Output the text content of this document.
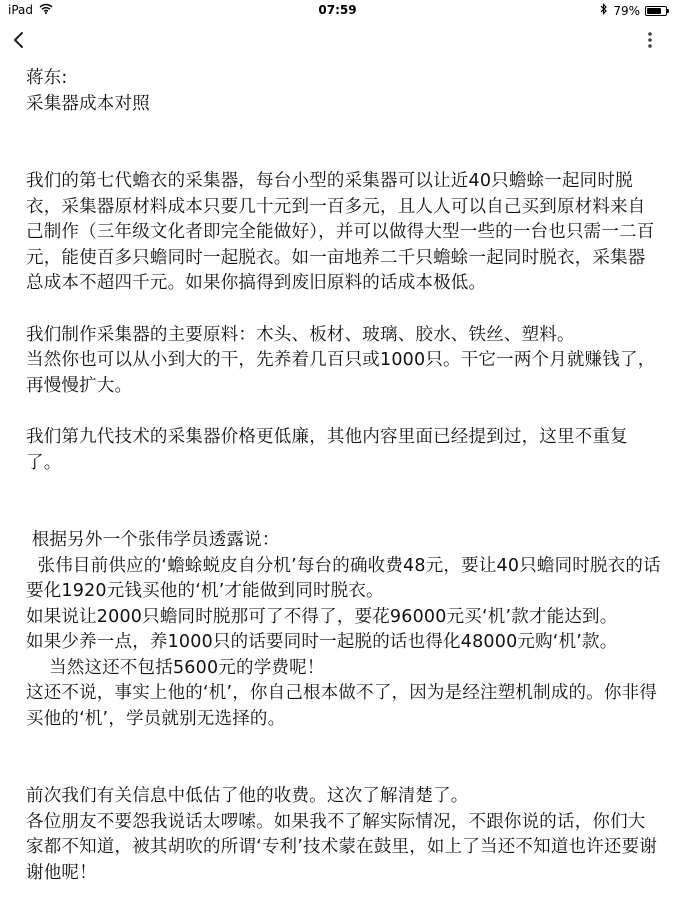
iPad	07:59	79%

蒋东:

采集器成本对照

我们的第七代蟾衣的采集器，每台小型的采集器可以让近40只蟾蜍一起同时脱衣，采集器原材料成本只要几十元到一百多元，且人人可以自己买到原材料来自己制作（三年级文化者即完全能做好），并可以做得大型一些的一台也只需一二百元，能使百多只蟾同时一起脱衣。如一亩地养二千只蟾蜍一起同时脱衣，采集器总成本不超四千元。如果你搞得到废旧原料的话成本极低。

我们制作采集器的主要原料：木头、板材、玻璃、胶水、铁丝、塑料。

当然你也可以从小到大的干，先养着几百只或1000只。干它一两个月就赚钱了，再慢慢扩大。

我们第九代技术的采集器价格更低廉，其他内容里面已经提到过，这里不重复了。

根据另外一个张伟学员透露说：

张伟目前供应的‘蟾蜍蜕皮自分机’每台的确收费48元，要让40只蟾同时脱衣的话要化1920元钱买他的‘机’才能做到同时脱衣。

如果说让2000只蟾同时脱那可了不得了，要花96000元买‘机’款才能达到。

如果少养一点，养1000只的话要同时一起脱的话也得化48000元购‘机’款。

当然这还不包括5600元的学费呢！

这还不说，事实上他的‘机’，你自己根本做不了，因为是经注塑机制成的。你非得买他的‘机’，学员就别无选择的。

前次我们有关信息中低估了他的收费。这次了解清楚了。

各位朋友不要怨我说话太啰嗦。如果我不了解实际情况，不跟你说的话，你们大家都不知道，被其胡吹的所谓‘专利’技术蒙在鼓里，如上了当还不知道也许还要谢谢他呢！
